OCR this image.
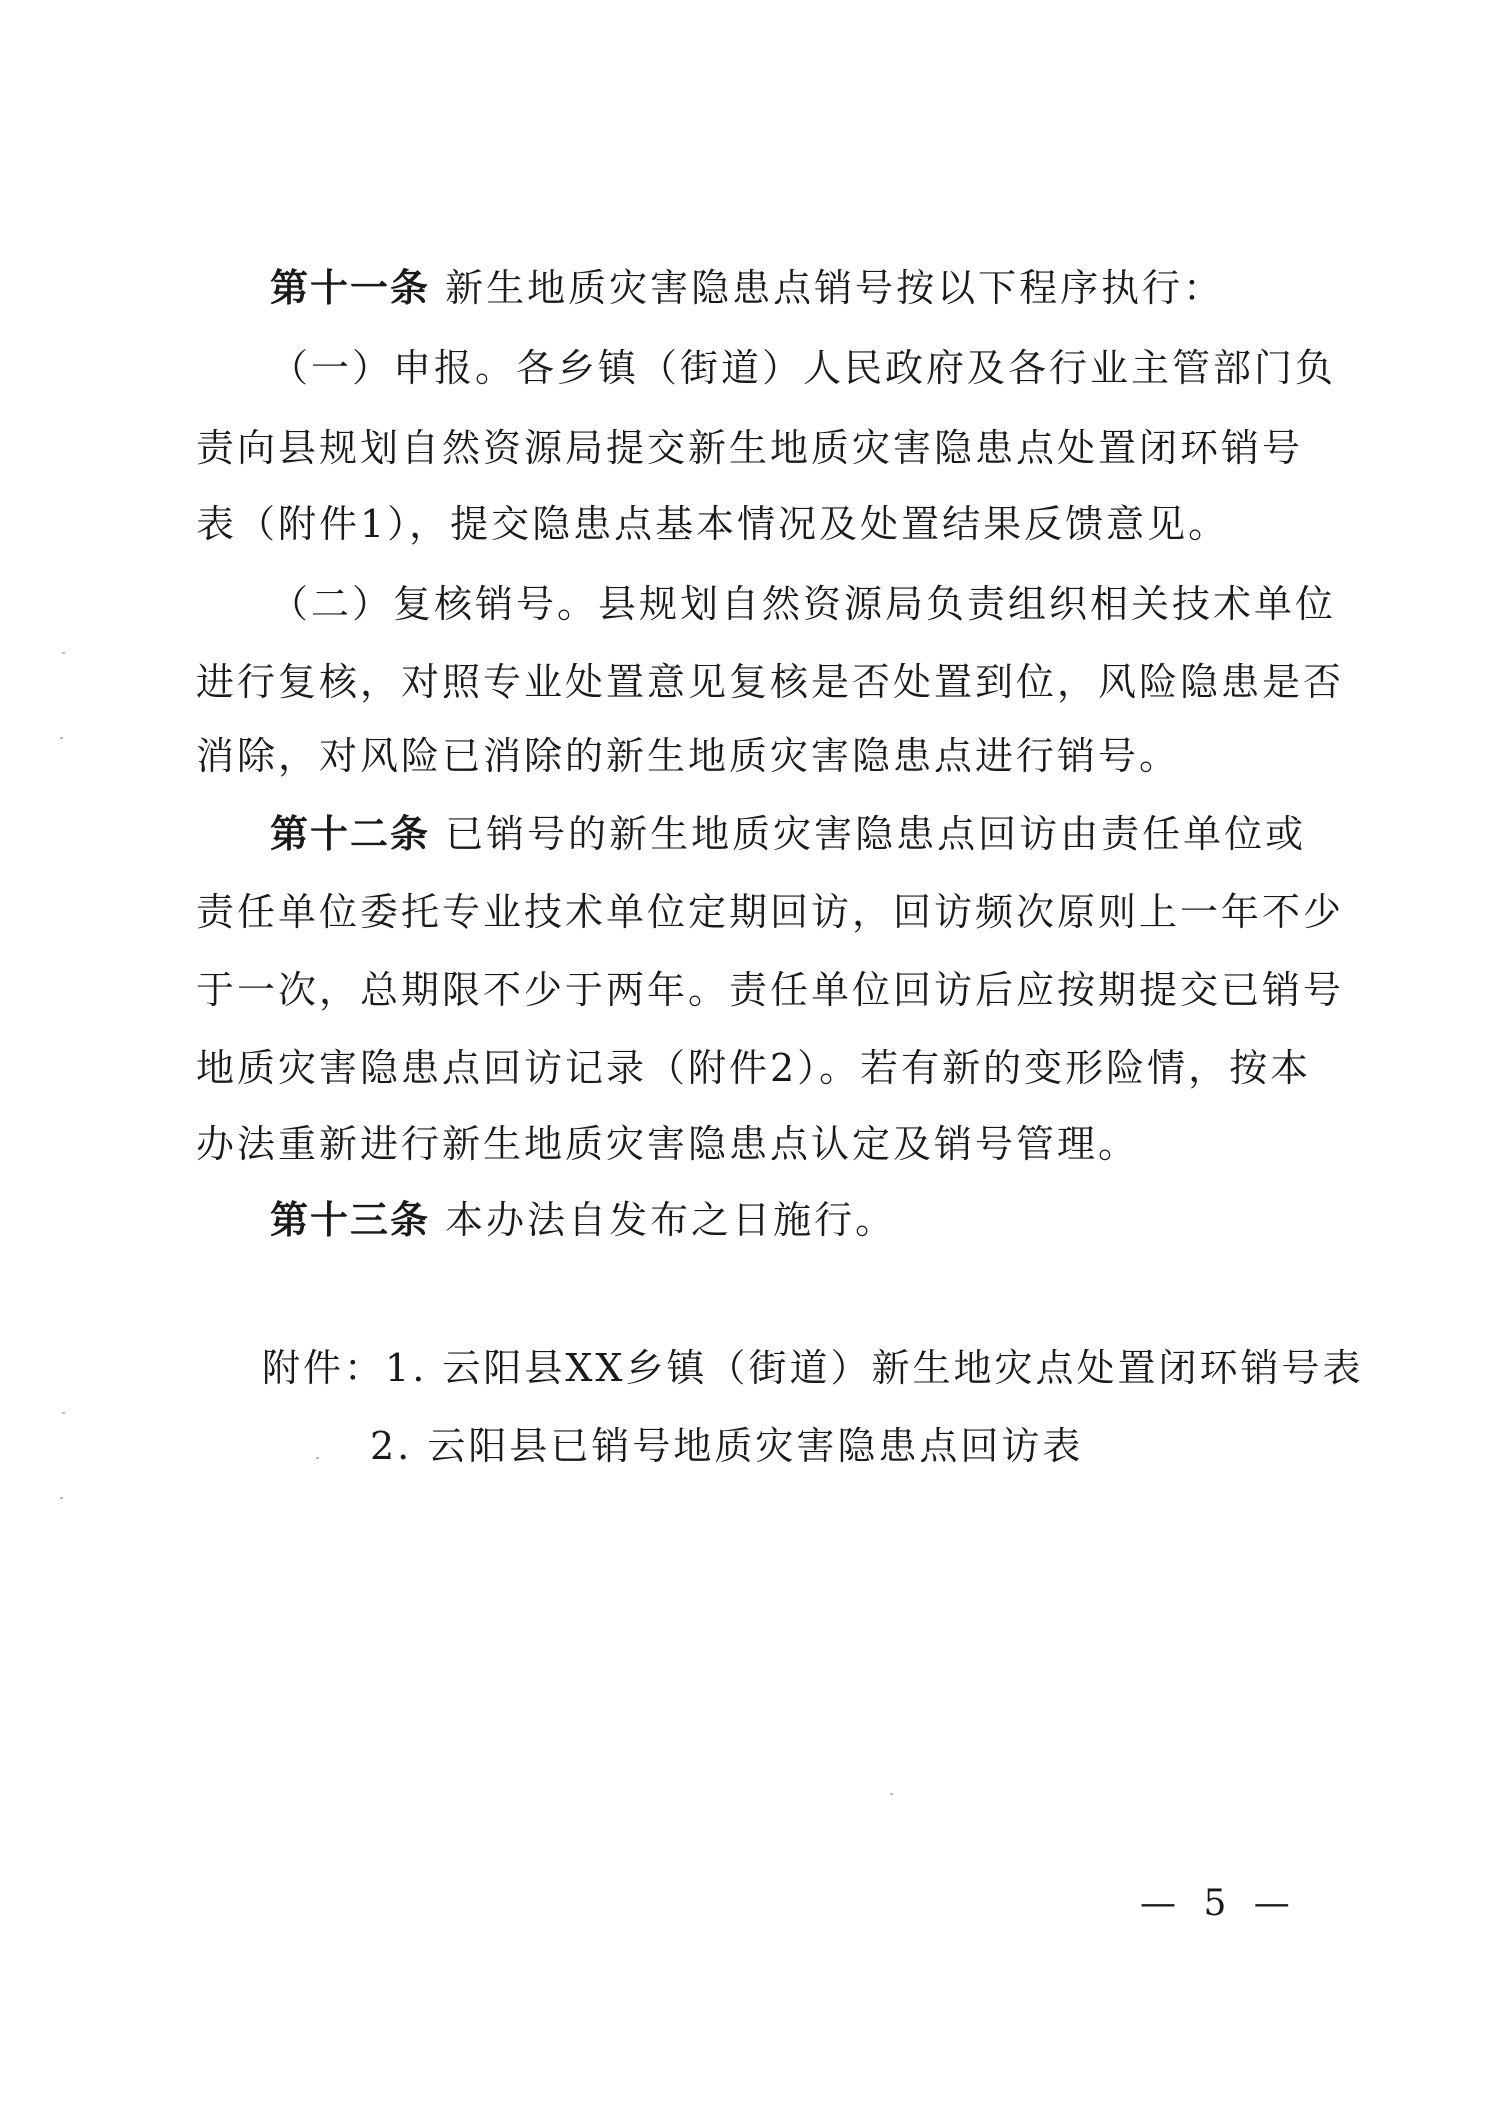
第十一条 新生地质灾害隐患点销号按以下程序执行：
（一）申报。各乡镇（街道）人民政府及各行业主管部门负
责向县规划自然资源局提交新生地质灾害隐患点处置闭环销号
表（附件1），提交隐患点基本情况及处置结果反馈意见。
（二）复核销号。县规划自然资源局负责组织相关技术单位
进行复核，对照专业处置意见复核是否处置到位，风险隐患是否
消除，对风险已消除的新生地质灾害隐患点进行销号。
第十二条 已销号的新生地质灾害隐患点回访由责任单位或
责任单位委托专业技术单位定期回访，回访频次原则上一年不少
于一次，总期限不少于两年。责任单位回访后应按期提交已销号
地质灾害隐患点回访记录（附件2）。若有新的变形险情，按本
办法重新进行新生地质灾害隐患点认定及销号管理。
第十三条 本办法自发布之日施行。
附件：1. 云阳县XX乡镇（街道）新生地灾点处置闭环销号表
2. 云阳县已销号地质灾害隐患点回访表
— 5 —
